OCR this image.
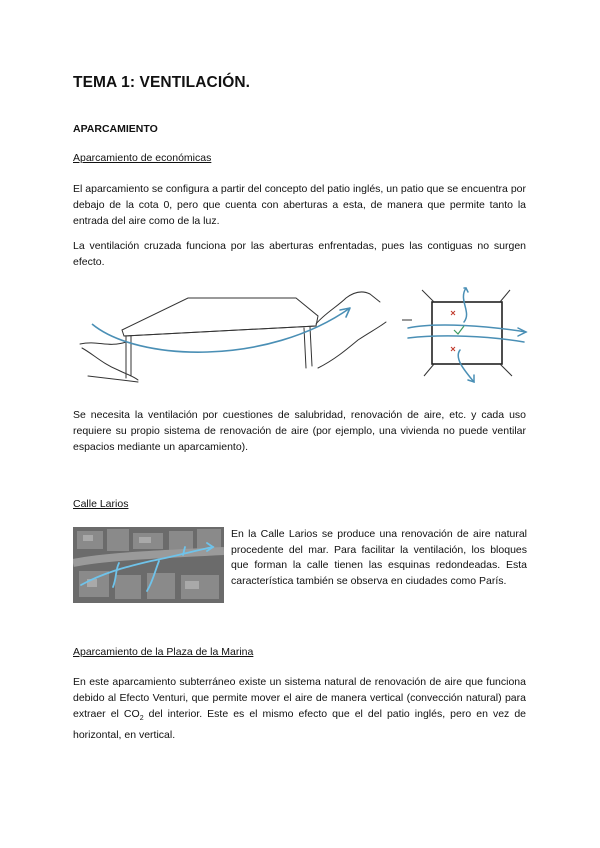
TEMA 1: VENTILACIÓN.
APARCAMIENTO
Aparcamiento de económicas
El aparcamiento se configura a partir del concepto del patio inglés, un patio que se encuentra por debajo de la cota 0, pero que cuenta con aberturas a esta, de manera que permite tanto la entrada del aire como de la luz.
La ventilación cruzada funciona por las aberturas enfrentadas, pues las contiguas no surgen efecto.
Se necesita la ventilación por cuestiones de salubridad, renovación de aire, etc. y cada uso requiere su propio sistema de renovación de aire (por ejemplo, una vivienda no puede ventilar espacios mediante un aparcamiento).
Calle Larios
En la Calle Larios se produce una renovación de aire natural procedente del mar. Para facilitar la ventilación, los bloques que forman la calle tienen las esquinas redondeadas. Esta característica también se observa en ciudades como París.
Aparcamiento de la Plaza de la Marina
En este aparcamiento subterráneo existe un sistema natural de renovación de aire que funciona debido al Efecto Venturi, que permite mover el aire de manera vertical (convección natural) para extraer el $CO_2$ del interior. Este es el mismo efecto que el del patio inglés, pero en vez de horizontal, en vertical.
